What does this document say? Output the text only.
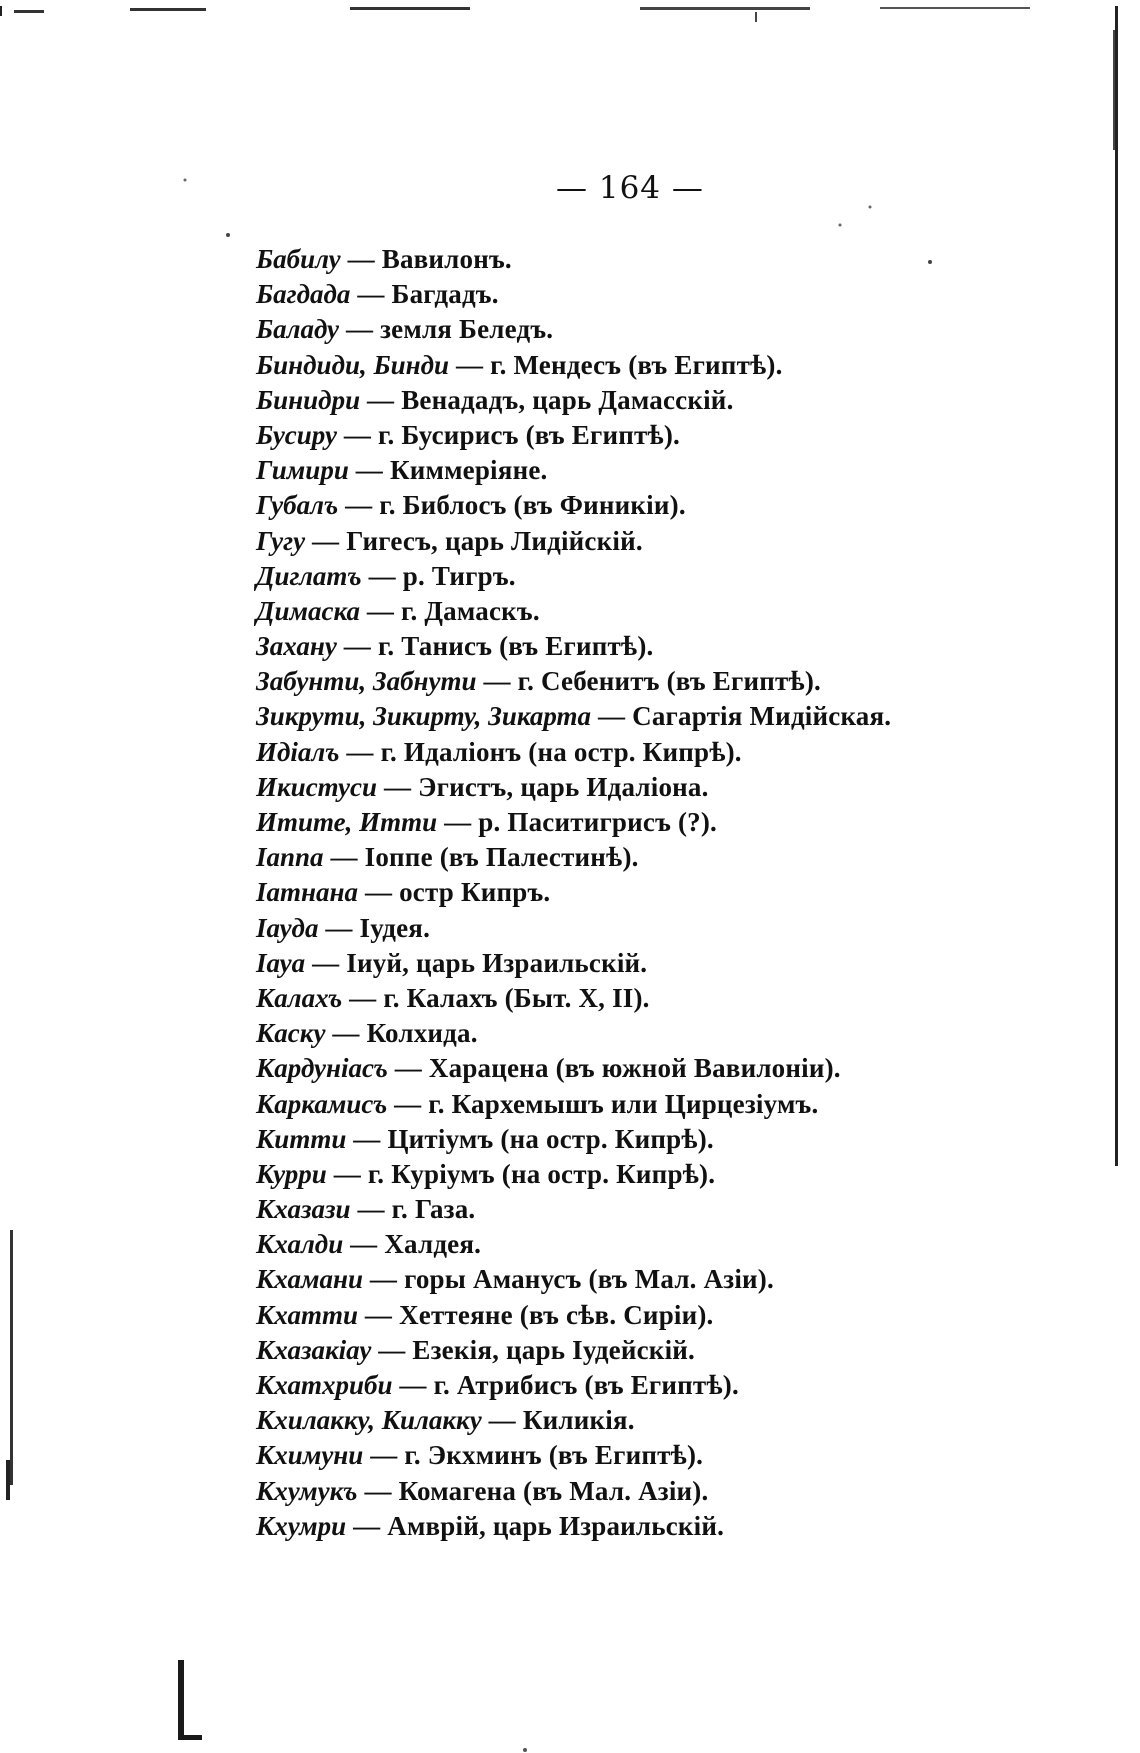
— 164 —
Бабилу — Вавилонъ.
Багдада — Багдадъ.
Баладу — земля Беледъ.
Биндиди, Бинди — г. Мендесъ (въ Египтѣ).
Бинидри — Венададъ, царь Дамасскій.
Бусиру — г. Бусирисъ (въ Египтѣ).
Гимири — Киммеріяне.
Губалъ — г. Библосъ (въ Финикіи).
Гугу — Гигесъ, царь Лидійскій.
Диглатъ — р. Тигръ.
Димаска — г. Дамаскъ.
Захану — г. Танисъ (въ Египтѣ).
Забунти, Забнути — г. Себенитъ (въ Египтѣ).
Зикрути, Зикирту, Зикарта — Сагартія Мидійская.
Идіалъ — г. Идаліонъ (на остр. Кипрѣ).
Икистуси — Эгистъ, царь Идаліона.
Итите, Итти — р. Паситигрисъ (?).
Іаппа — Іоппе (въ Палестинѣ).
Іатнана — остр Кипръ.
Іауда — Іудея.
Іауа — Іиуй, царь Израильскій.
Калахъ — г. Калахъ (Быт. X, II).
Каску — Колхида.
Кардуніасъ — Харацена (въ южной Вавилоніи).
Каркамисъ — г. Кархемышъ или Цирцезіумъ.
Китти — Цитіумъ (на остр. Кипрѣ).
Курри — г. Куріумъ (на остр. Кипрѣ).
Кхазази — г. Газа.
Кхалди — Халдея.
Кхамани — горы Аманусъ (въ Мал. Азіи).
Кхатти — Хеттеяне (въ сѣв. Сиріи).
Кхазакіау — Езекія, царь Іудейскій.
Кхатхриби — г. Атрибисъ (въ Египтѣ).
Кхилакку, Килакку — Киликія.
Кхимуни — г. Экхминъ (въ Египтѣ).
Кхумукъ — Комагена (въ Мал. Азіи).
Кхумри — Амврій, царь Израильскій.
